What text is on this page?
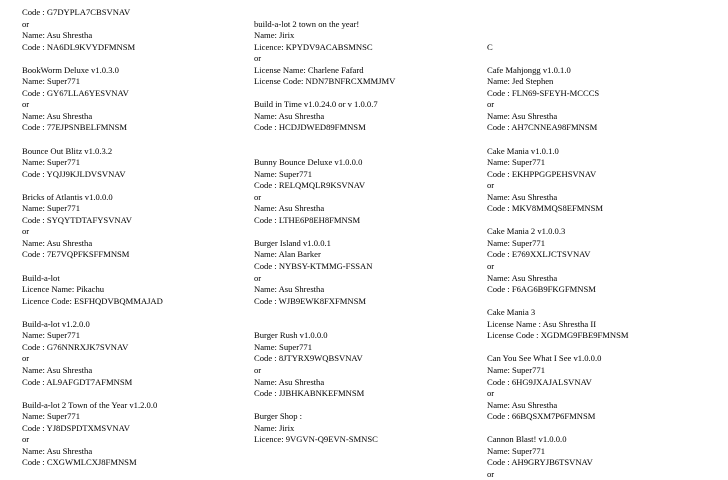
Code : G7DYPLA7CBSVNAV
or
Name: Asu Shrestha
Code : NA6DL9KVYDFMNSM
BookWorm Deluxe v1.0.3.0
Name: Super771
Code : GY67LLA6YESVNAV
or
Name: Asu Shrestha
Code : 77EJPSNBELFMNSM
Bounce Out Blitz v1.0.3.2
Name: Super771
Code : YQJJ9KJLDVSVNAV
Bricks of Atlantis v1.0.0.0
Name: Super771
Code : SYQYTDTAFYSVNAV
or
Name: Asu Shrestha
Code : 7E7VQPFKSFFMNSM
Build-a-lot
Licence Name: Pikachu
Licence Code: ESFHQDVBQMMAJAD
Build-a-lot v1.2.0.0
Name: Super771
Code : G76NNRXJK7SVNAV
or
Name: Asu Shrestha
Code : AL9AFGDT7AFMNSM
Build-a-lot 2 Town of the Year v1.2.0.0
Name: Super771
Code : YJ8DSPDTXMSVNAV
or
Name: Asu Shrestha
Code : CXGWMLCXJ8FMNSM
build-a-lot 2 town on the year!
Name: Jirix
Licence: KPYDV9ACABSMNSC
or
License Name: Charlene Fafard
License Code: NDN7BNFRCXMMJMV
Build in Time v1.0.24.0 or v 1.0.0.7
Name: Asu Shrestha
Code : HCDJDWED89FMNSM
Bunny Bounce Deluxe v1.0.0.0
Name: Super771
Code : RELQMQLR9KSVNAV
or
Name: Asu Shrestha
Code : LTHE6P8EH8FMNSM
Burger Island v1.0.0.1
Name: Alan Barker
Code : NYBSY-KTMMG-FSSAN
or
Name: Asu Shrestha
Code : WJB9EWK8FXFMNSM
Burger Rush v1.0.0.0
Name: Super771
Code : 8JTYRX9WQBSVNAV
or
Name: Asu Shrestha
Code : JJBHKABNKEFMNSM
Burger Shop :
Name: Jirix
Licence: 9VGVN-Q9EVN-SMNSC
C
Cafe Mahjongg v1.0.1.0
Name: Jed Stephen
Code : FLN69-SFEYH-MCCCS
or
Name: Asu Shrestha
Code : AH7CNNEA98FMNSM
Cake Mania v1.0.1.0
Name: Super771
Code : EKHPPGGPEHSVNAV
or
Name: Asu Shrestha
Code : MKV8MMQS8EFMNSM
Cake Mania 2 v1.0.0.3
Name: Super771
Code : E769XXLJCTSVNAV
or
Name: Asu Shrestha
Code : F6AG6B9FKGFMNSM
Cake Mania 3
License Name : Asu Shrestha II
License Code : XGDMG9FBE9FMNSM
Can You See What I See v1.0.0.0
Name: Super771
Code : 6HG9JXAJALSVNAV
or
Name: Asu Shrestha
Code : 66BQSXM7P6FMNSM
Cannon Blast! v1.0.0.0
Name: Super771
Code : AH9GRYJB6TSVNAV
or
